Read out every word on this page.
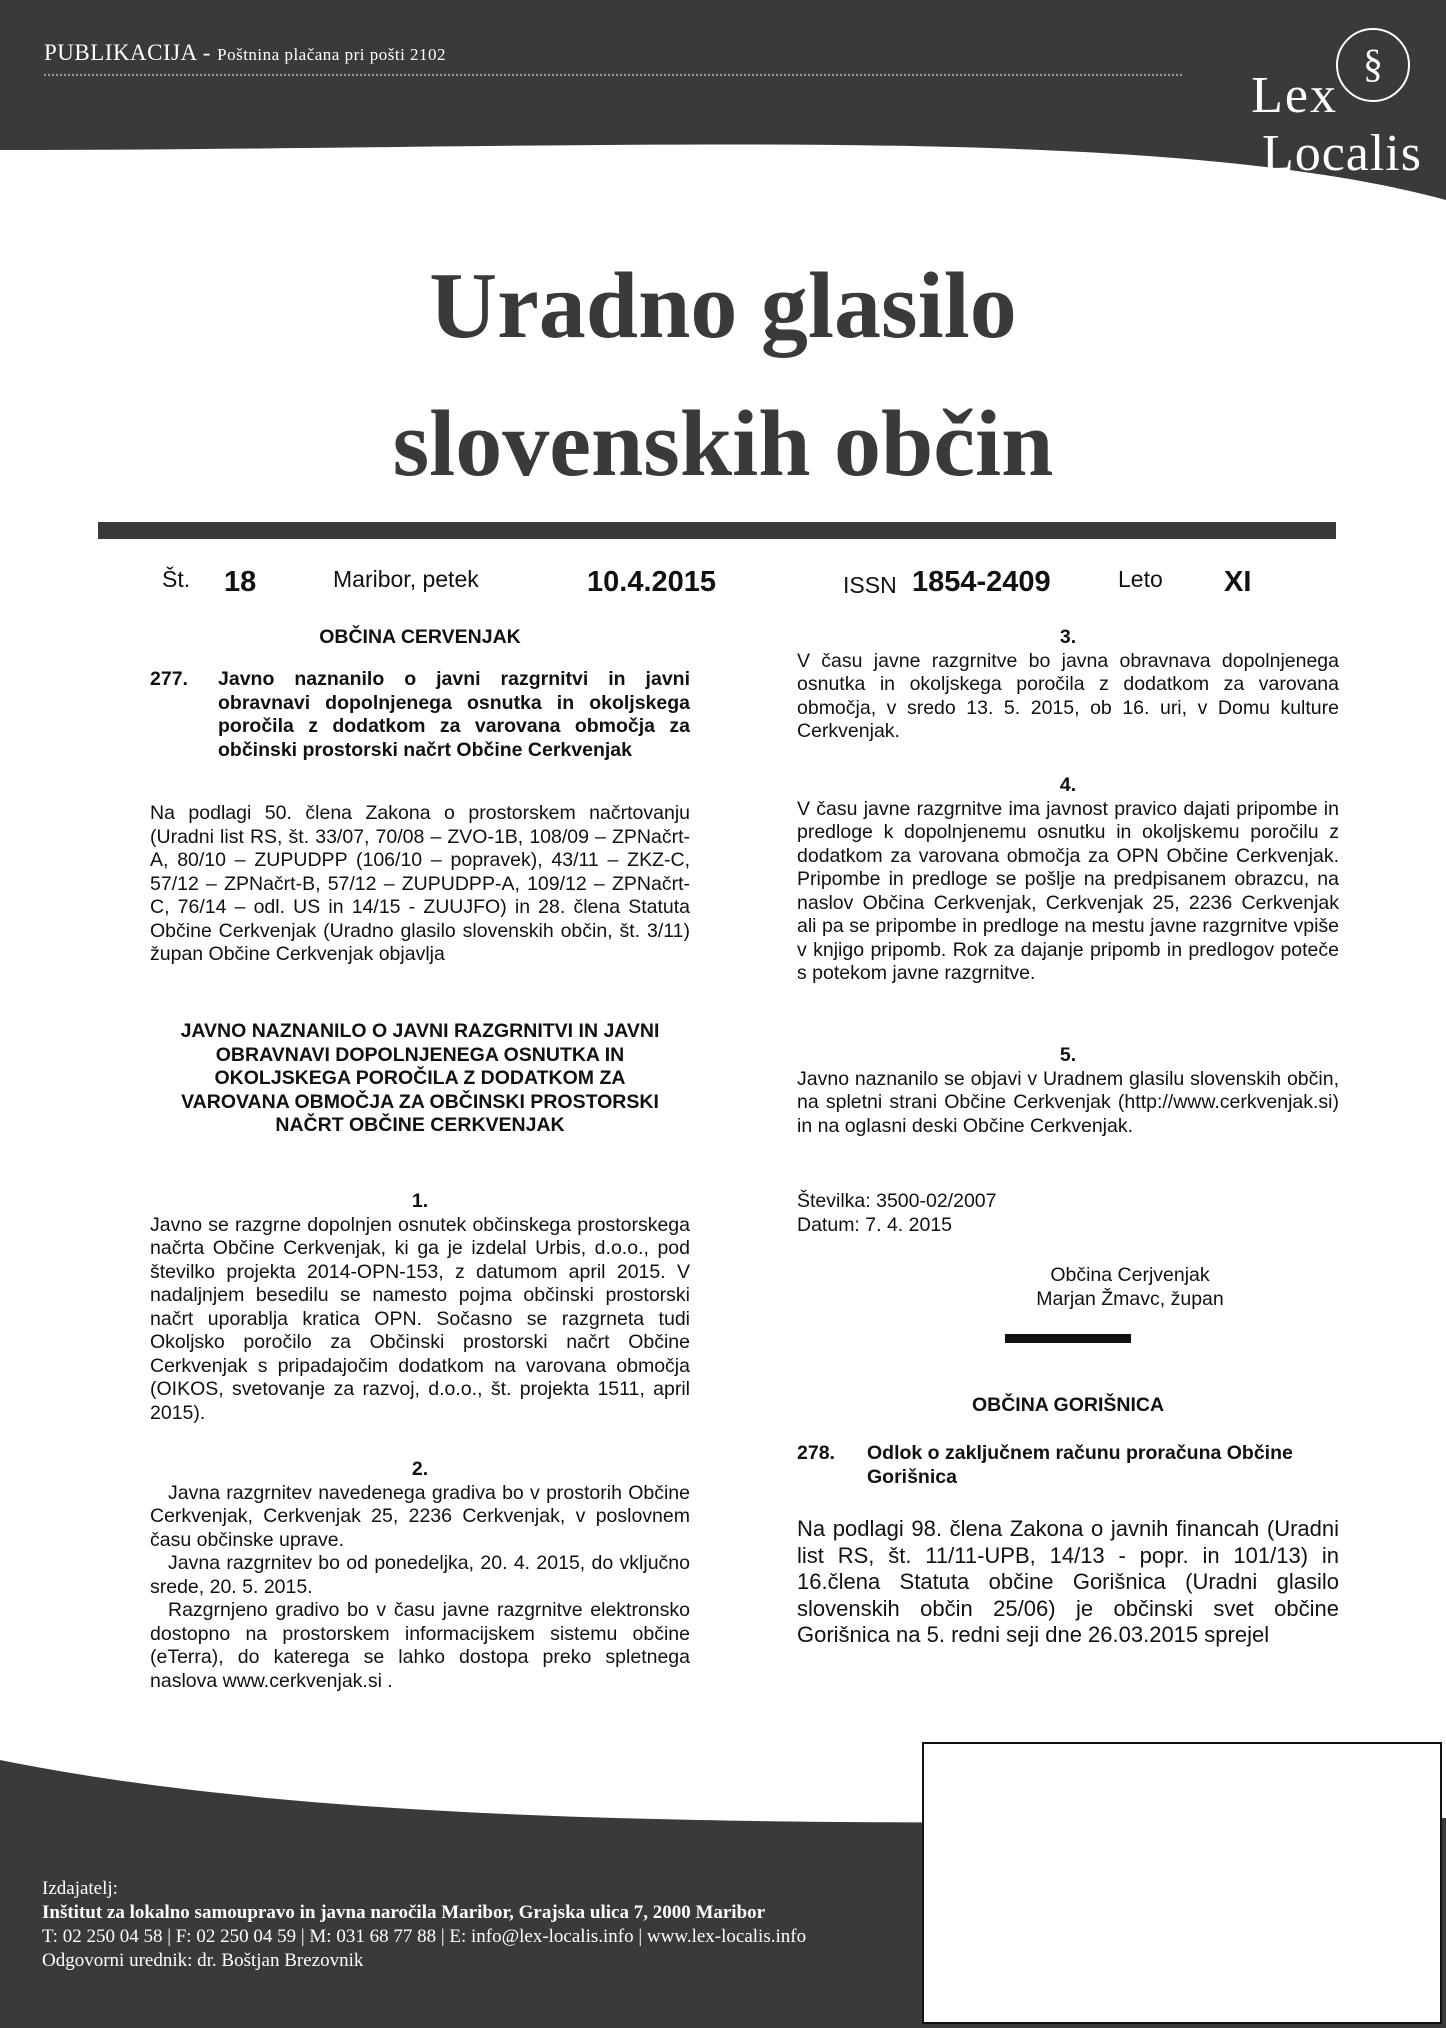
PUBLIKACIJA - Poštnina plačana pri pošti 2102	§
Lex
Localis
Uradno glasilo
slovenskih občin
Št. 18	Maribor, petek	10.4.2015	ISSN 1854-2409	Leto XI
OBČINA CERVENJAK
277. Javno naznanilo o javni razgrnitvi in javni obravnavi dopolnjenega osnutka in okoljskega poročila z dodatkom za varovana območja za občinski prostorski načrt Občine Cerkvenjak

Na podlagi 50. člena Zakona o prostorskem načrtovanju (Uradni list RS, št. 33/07, 70/08 – ZVO-1B, 108/09 – ZPNačrt-A, 80/10 – ZUPUDPP (106/10 – popravek), 43/11 – ZKZ-C, 57/12 – ZPNačrt-B, 57/12 – ZUPUDPP-A, 109/12 – ZPNačrt-C, 76/14 – odl. US in 14/15 - ZUUJFO) in 28. člena Statuta Občine Cerkvenjak (Uradno glasilo slovenskih občin, št. 3/11) župan Občine Cerkvenjak objavlja

JAVNO NAZNANILO O JAVNI RAZGRNITVI IN JAVNI OBRAVNAVI DOPOLNJENEGA OSNUTKA IN OKOLJSKEGA POROČILA Z DODATKOM ZA VAROVANA OBMOČJA ZA OBČINSKI PROSTORSKI NAČRT OBČINE CERKVENJAK
1.

Javno se razgrne dopolnjen osnutek občinskega prostorskega načrta Občine Cerkvenjak, ki ga je izdelal Urbis, d.o.o., pod številko projekta 2014-OPN-153, z datumom april 2015. V nadaljnjem besedilu se namesto pojma občinski prostorski načrt uporablja kratica OPN. Sočasno se razgrneta tudi Okoljsko poročilo za Občinski prostorski načrt Občine Cerkvenjak s pripadajočim dodatkom na varovana območja (OIKOS, svetovanje za razvoj, d.o.o., št. projekta 1511, april 2015).

2.

Javna razgrnitev navedenega gradiva bo v prostorih Občine Cerkvenjak, Cerkvenjak 25, 2236 Cerkvenjak, v poslovnem času občinske uprave.

Javna razgrnitev bo od ponedeljka, 20. 4. 2015, do vključno srede, 20. 5. 2015.

Razgrnjeno gradivo bo v času javne razgrnitve elektronsko dostopno na prostorskem informacijskem sistemu občine (eTerra), do katerega se lahko dostopa preko spletnega naslova www.cerkvenjak.si .

3.

V času javne razgrnitve bo javna obravnava dopolnjenega osnutka in okoljskega poročila z dodatkom za varovana območja, v sredo 13. 5. 2015, ob 16. uri, v Domu kulture Cerkvenjak.

4.

V času javne razgrnitve ima javnost pravico dajati pripombe in predloge k dopolnjenemu osnutku in okoljskemu poročilu z dodatkom za varovana območja za OPN Občine Cerkvenjak. Pripombe in predloge se pošlje na predpisanem obrazcu, na naslov Občina Cerkvenjak, Cerkvenjak 25, 2236 Cerkvenjak ali pa se pripombe in predloge na mestu javne razgrnitve vpiše v knjigo pripomb. Rok za dajanje pripomb in predlogov poteče s potekom javne razgrnitve.

5.

Javno naznanilo se objavi v Uradnem glasilu slovenskih občin, na spletni strani Občine Cerkvenjak (http://www.cerkvenjak.si) in na oglasni deski Občine Cerkvenjak.

Številka: 3500-02/2007
Datum: 7. 4. 2015
Občina Cerjvenjak
Marjan Žmavc, župan
OBČINA GORIŠNICA
278. Odlok o zaključnem računu proračuna Občine Gorišnica

Na podlagi 98. člena Zakona o javnih financah (Uradni list RS, št. 11/11-UPB, 14/13 - popr. in 101/13) in 16.člena Statuta občine Gorišnica (Uradni glasilo slovenskih občin 25/06) je občinski svet občine Gorišnica na 5. redni seji dne 26.03.2015 sprejel

Izdajatelj:
Inštitut za lokalno samoupravo in javna naročila Maribor, Grajska ulica 7, 2000 Maribor
T: 02 250 04 58 | F: 02 250 04 59 | M: 031 68 77 88 | E: info@lex-localis.info | www.lex-localis.info
Odgovorni urednik: dr. Boštjan Brezovnik
